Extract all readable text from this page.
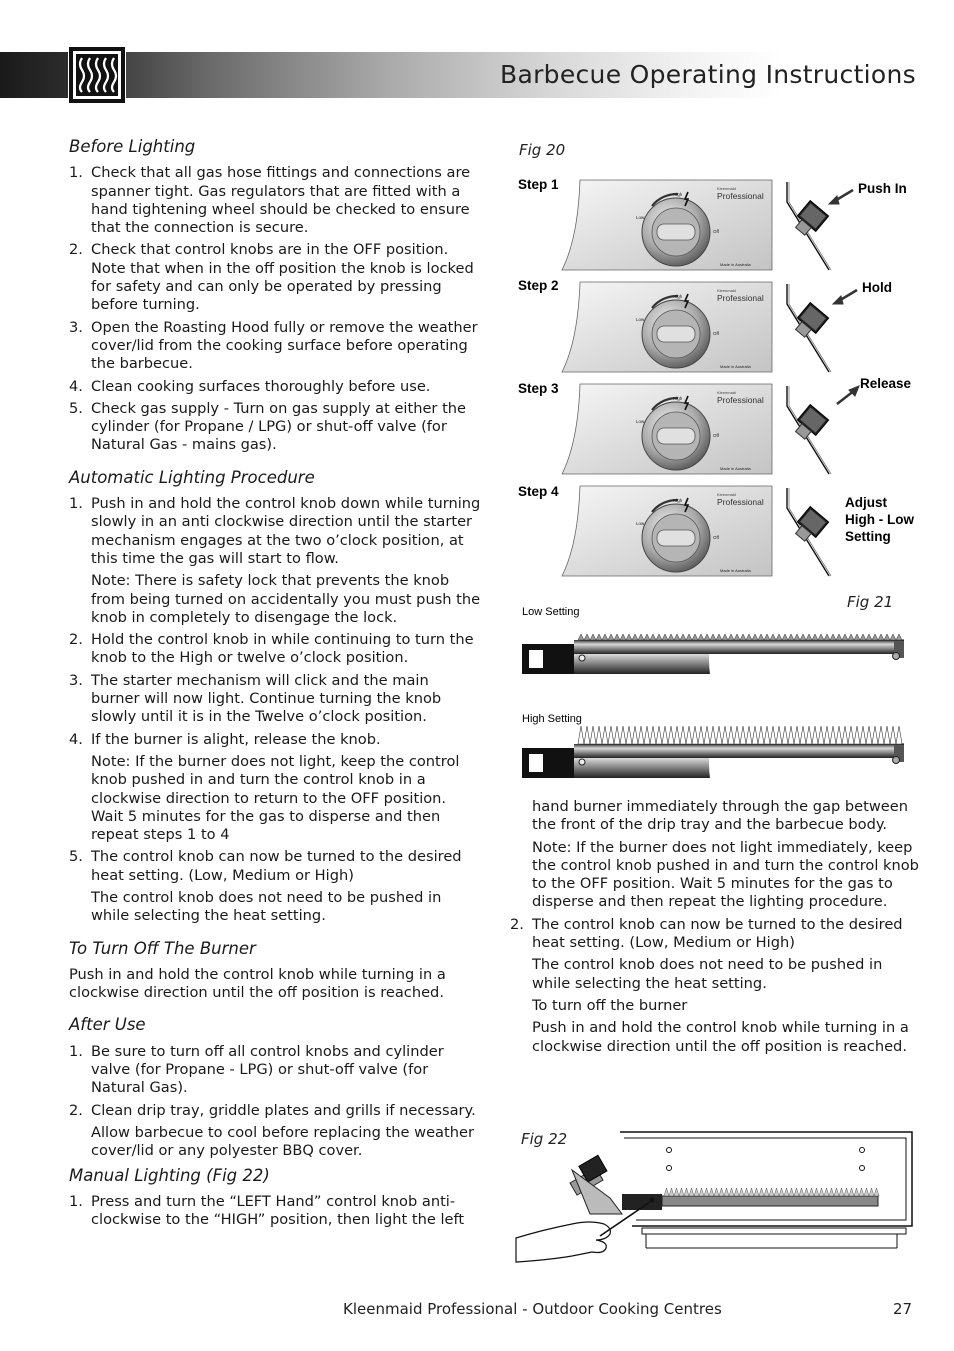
Barbecue Operating Instructions
Before Lighting
1. Check that all gas hose fittings and connections are spanner tight. Gas regulators that are fitted with a hand tightening wheel should be checked to ensure that the connection is secure.
2. Check that control knobs are in the OFF position. Note that when in the off position the knob is locked for safety and can only be operated by pressing before turning.
3. Open the Roasting Hood fully or remove the weather cover/lid from the cooking surface before operating the barbecue.
4. Clean cooking surfaces thoroughly before use.
5. Check gas supply - Turn on gas supply at either the cylinder (for Propane / LPG) or shut-off valve (for Natural Gas - mains gas).
Automatic Lighting Procedure
1. Push in and hold the control knob down while turning slowly in an anti clockwise direction until the starter mechanism engages at the two o’clock position, at this time the gas will start to flow.
Note: There is safety lock that prevents the knob from being turned on accidentally you must push the knob in completely to disengage the lock.
2. Hold the control knob in while continuing to turn the knob to the High or twelve o’clock position.
3. The starter mechanism will click and the main burner will now light. Continue turning the knob slowly until it is in the Twelve o’clock position.
4. If the burner is alight, release the knob.
Note: If the burner does not light, keep the control knob pushed in and turn the control knob in a clockwise direction to return to the OFF position. Wait 5 minutes for the gas to disperse and then repeat steps 1 to 4
5. The control knob can now be turned to the desired heat setting. (Low, Medium or High)
The control knob does not need to be pushed in while selecting the heat setting.
To Turn Off The Burner
Push in and hold the control knob while turning in a clockwise direction until the off position is reached.
After Use
1. Be sure to turn off all control knobs and cylinder valve (for Propane - LPG) or shut-off valve (for Natural Gas).
2. Clean drip tray, griddle plates and grills if necessary.
Allow barbecue to cool before replacing the weather cover/lid or any polyester BBQ cover.
Manual Lighting (Fig 22)
1. Press and turn the “LEFT Hand” control knob anti-clockwise to the “HIGH” position, then light the left
Fig 20
Step 1
Step 2
Step 3
Step 4
Push In
Hold
Release
Adjust
High - Low
Setting
Fig 21
Low Setting
High Setting
hand burner immediately through the gap between the front of the drip tray and the barbecue body.
Note: If the burner does not light immediately, keep the control knob pushed in and turn the control knob to the OFF position. Wait 5 minutes for the gas to disperse and then repeat the lighting procedure.
2. The control knob can now be turned to the desired heat setting. (Low, Medium or High)
The control knob does not need to be pushed in while selecting the heat setting.
To turn off the burner
Push in and hold the control knob while turning in a clockwise direction until the off position is reached.
Fig 22
Kleenmaid Professional - Outdoor Cooking Centres	27
